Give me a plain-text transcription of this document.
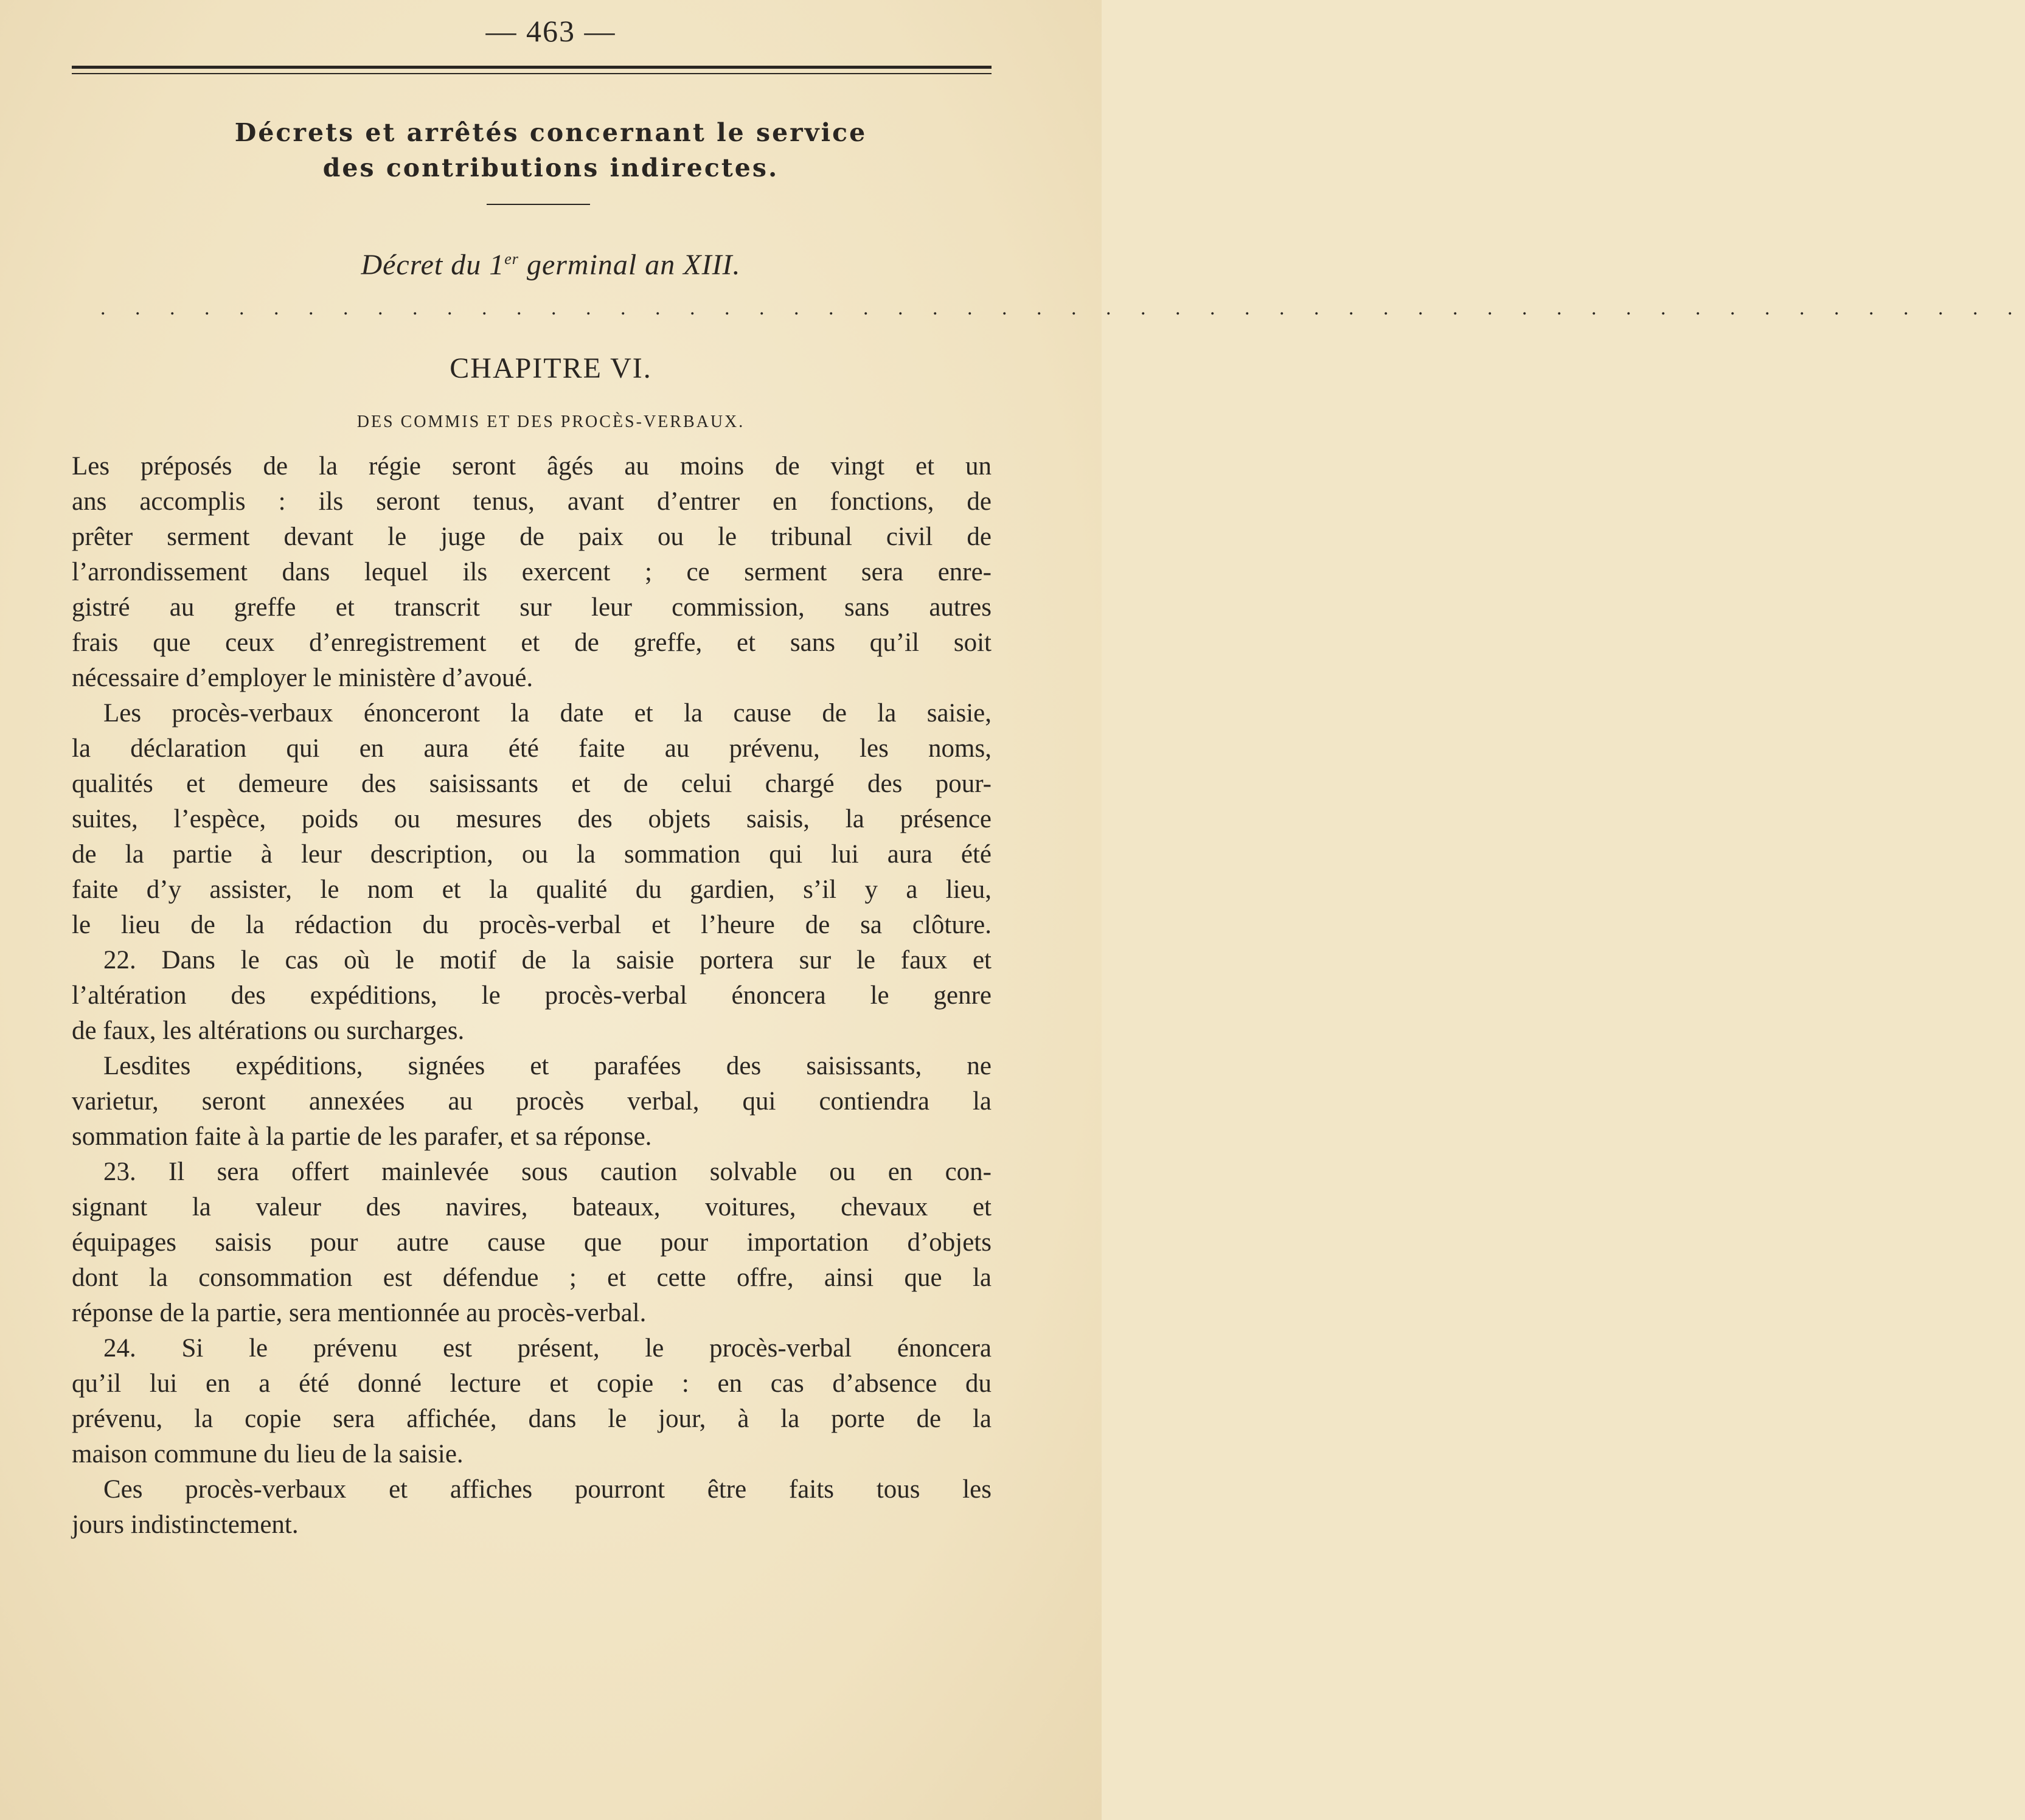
— 463 —
Décrets et arrêtés concernant le service
des contributions indirectes.
Décret du 1er germinal an XIII.
. . . . . . . . . . . . . . . . . . . . . . . . . . . . . . . . . . . . . . . . . . . . . . . . . . . . . . . .
CHAPITRE VI.
DES COMMIS ET DES PROCÈS-VERBAUX.
Les préposés de la régie seront âgés au moins de vingt et un
ans accomplis : ils seront tenus, avant d’entrer en fonctions, de
prêter serment devant le juge de paix ou le tribunal civil de
l’arrondissement dans lequel ils exercent ; ce serment sera enre-
gistré au greffe et transcrit sur leur commission, sans autres
frais que ceux d’enregistrement et de greffe, et sans qu’il soit
nécessaire d’employer le ministère d’avoué.
Les procès-verbaux énonceront la date et la cause de la saisie,
la déclaration qui en aura été faite au prévenu, les noms,
qualités et demeure des saisissants et de celui chargé des pour-
suites, l’espèce, poids ou mesures des objets saisis, la présence
de la partie à leur description, ou la sommation qui lui aura été
faite d’y assister, le nom et la qualité du gardien, s’il y a lieu,
le lieu de la rédaction du procès-verbal et l’heure de sa clôture.
22. Dans le cas où le motif de la saisie portera sur le faux et
l’altération des expéditions, le procès-verbal énoncera le genre
de faux, les altérations ou surcharges.
Lesdites expéditions, signées et parafées des saisissants, ne
varietur, seront annexées au procès verbal, qui contiendra la
sommation faite à la partie de les parafer, et sa réponse.
23. Il sera offert mainlevée sous caution solvable ou en con-
signant la valeur des navires, bateaux, voitures, chevaux et
équipages saisis pour autre cause que pour importation d’objets
dont la consommation est défendue ; et cette offre, ainsi que la
réponse de la partie, sera mentionnée au procès-verbal.
24. Si le prévenu est présent, le procès-verbal énoncera
qu’il lui en a été donné lecture et copie : en cas d’absence du
prévenu, la copie sera affichée, dans le jour, à la porte de la
maison commune du lieu de la saisie.
Ces procès-verbaux et affiches pourront être faits tous les
jours indistinctement.
